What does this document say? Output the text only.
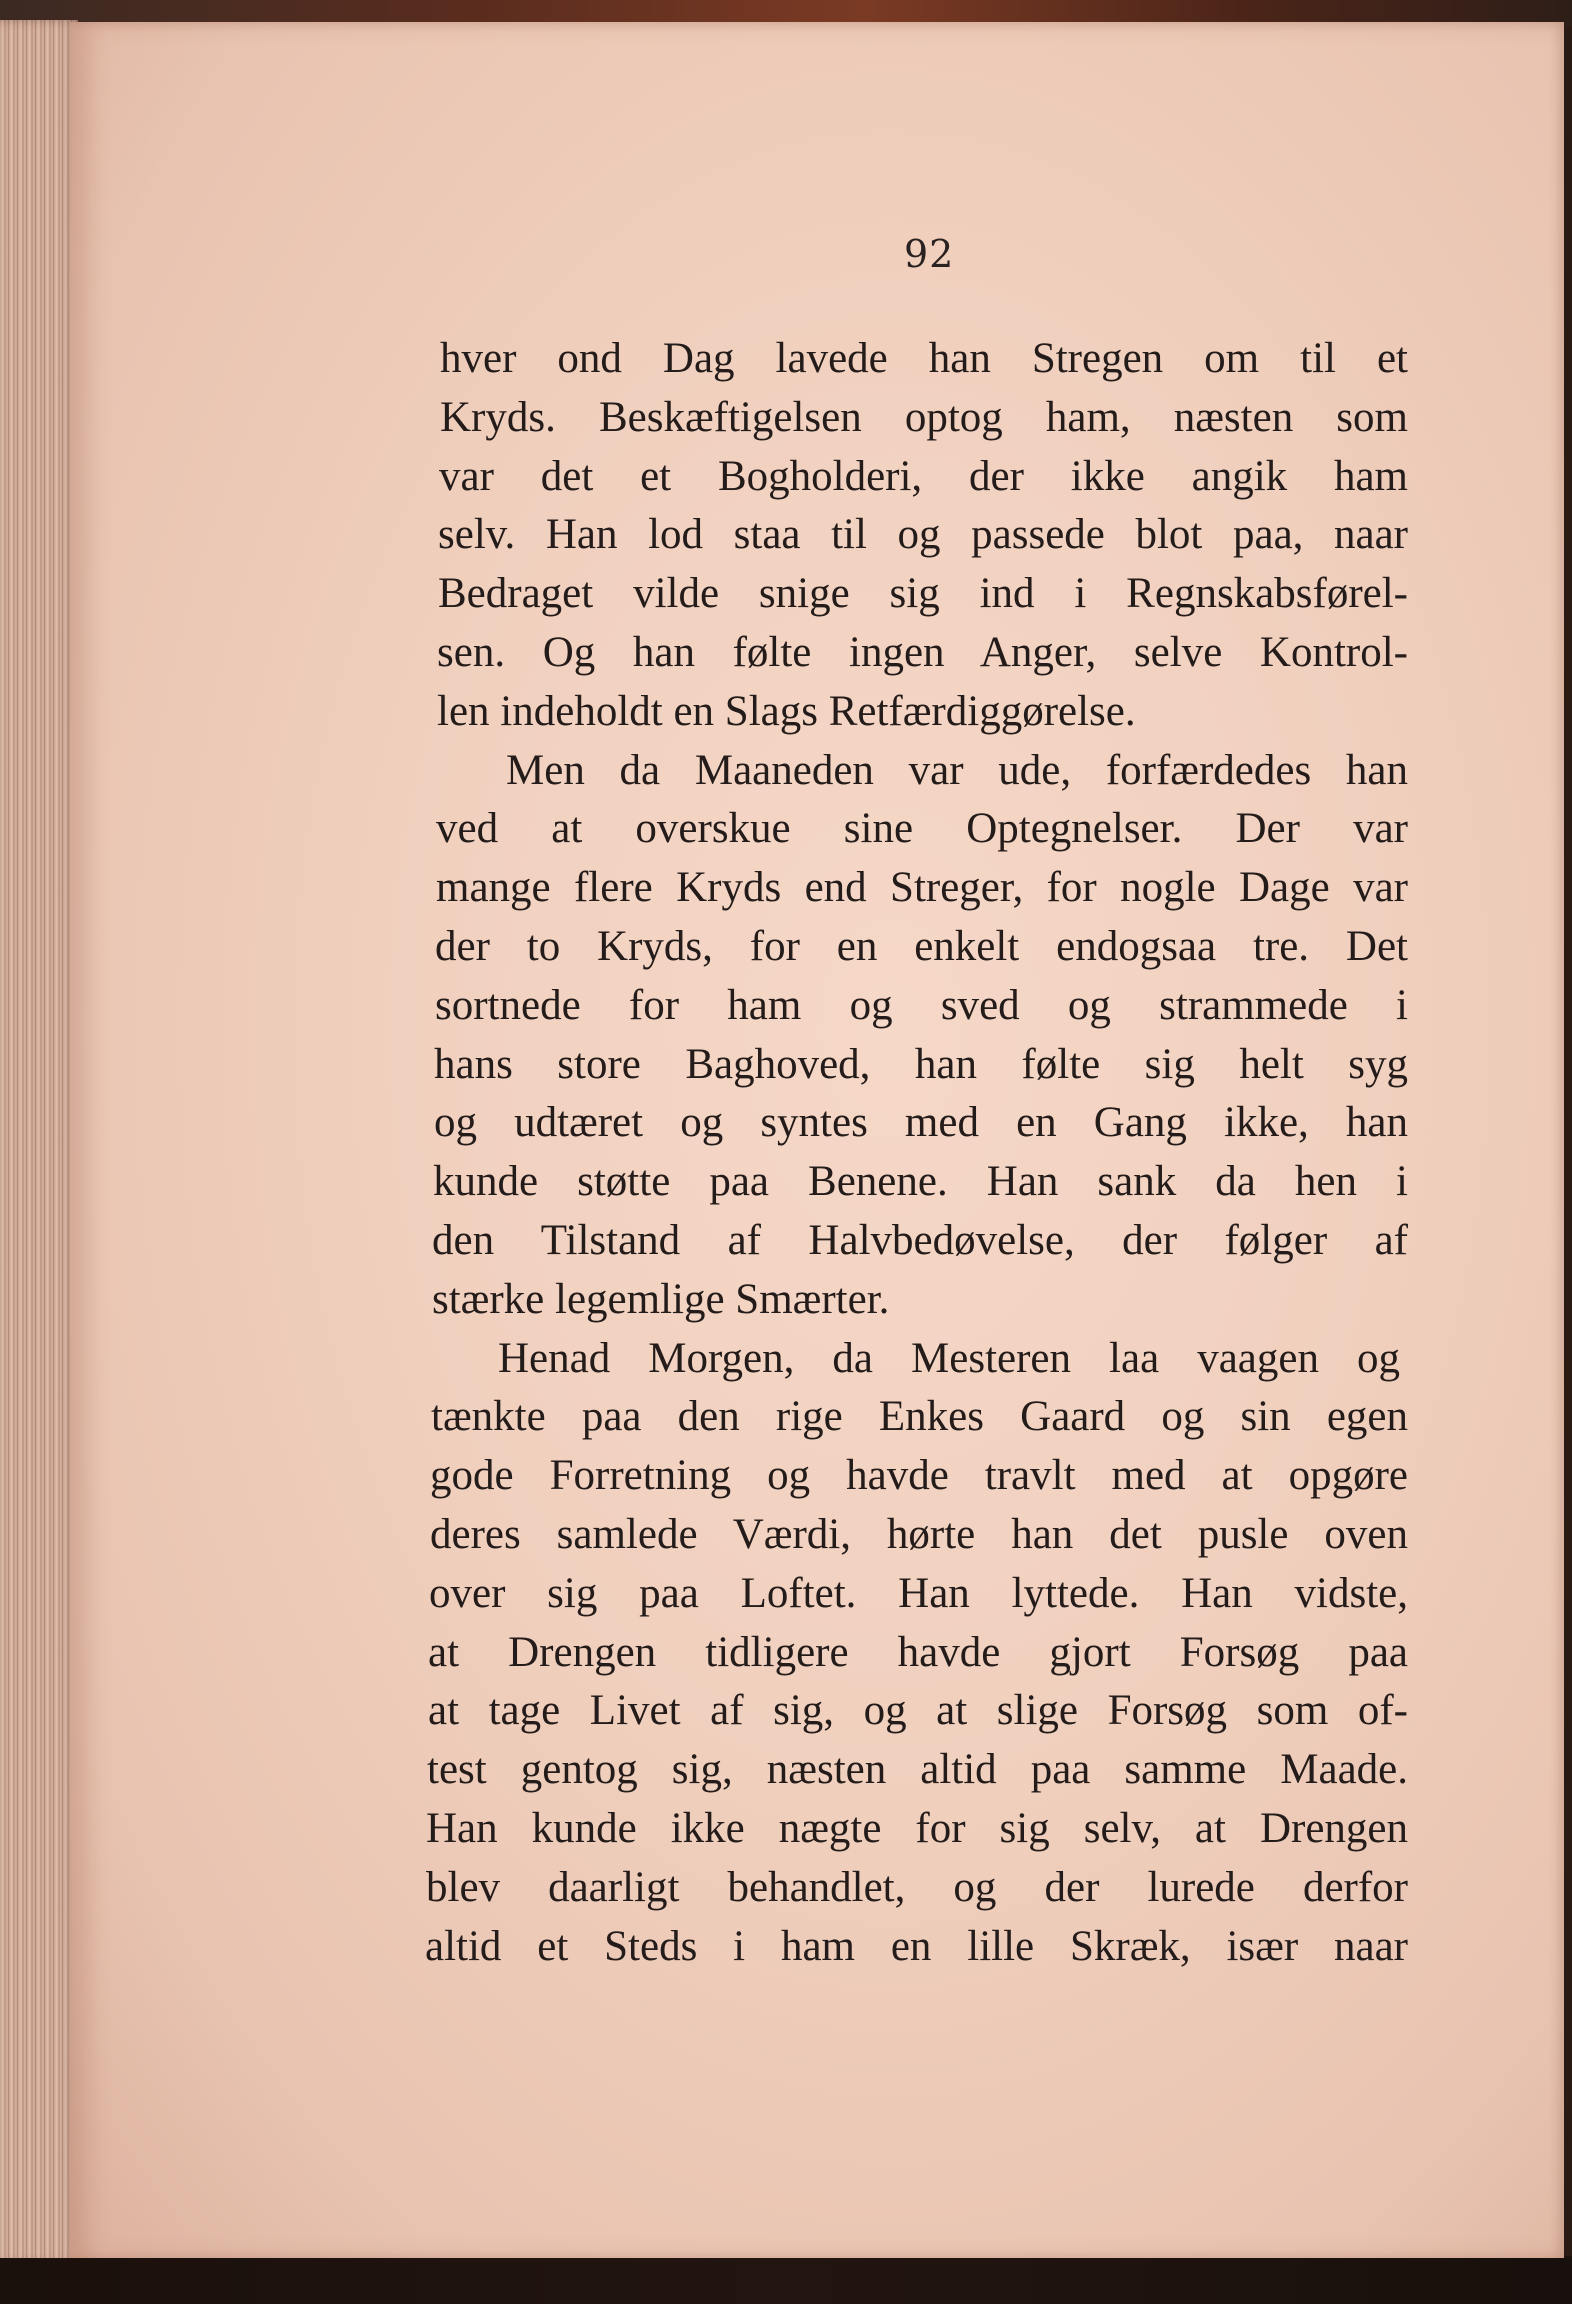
92
hver ond Dag lavede han Stregen om til et
Kryds. Beskæftigelsen optog ham, næsten som
var det et Bogholderi, der ikke angik ham
selv. Han lod staa til og passede blot paa, naar
Bedraget vilde snige sig ind i Regnskabsførel-
sen. Og han følte ingen Anger, selve Kontrol-
len indeholdt en Slags Retfærdiggørelse.
Men da Maaneden var ude, forfærdedes han
ved at overskue sine Optegnelser. Der var
mange flere Kryds end Streger, for nogle Dage var
der to Kryds, for en enkelt endogsaa tre. Det
sortnede for ham og sved og strammede i
hans store Baghoved, han følte sig helt syg
og udtæret og syntes med en Gang ikke, han
kunde støtte paa Benene. Han sank da hen i
den Tilstand af Halvbedøvelse, der følger af
stærke legemlige Smærter.
Henad Morgen, da Mesteren laa vaagen og
tænkte paa den rige Enkes Gaard og sin egen
gode Forretning og havde travlt med at opgøre
deres samlede Værdi, hørte han det pusle oven
over sig paa Loftet. Han lyttede. Han vidste,
at Drengen tidligere havde gjort Forsøg paa
at tage Livet af sig, og at slige Forsøg som of-
test gentog sig, næsten altid paa samme Maade.
Han kunde ikke nægte for sig selv, at Drengen
blev daarligt behandlet, og der lurede derfor
altid et Steds i ham en lille Skræk, især naar
